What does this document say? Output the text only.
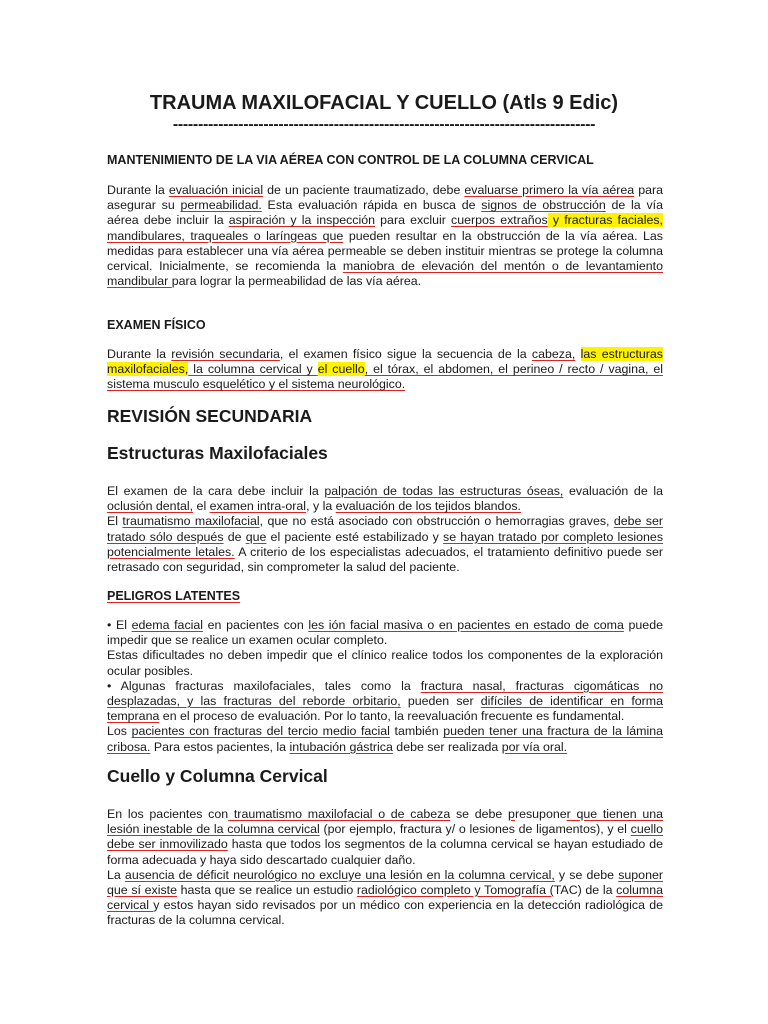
TRAUMA MAXILOFACIAL Y CUELLO (Atls 9 Edic)
------------------------------------------------------------------------------------
MANTENIMIENTO DE LA VIA AÉREA CON CONTROL DE LA COLUMNA CERVICAL

Durante la evaluación inicial de un paciente traumatizado, debe evaluarse primero la vía aérea para asegurar su permeabilidad. Esta evaluación rápida en busca de signos de obstrucción de la vía aérea debe incluir la aspiración y la inspección para excluir cuerpos extraños y fracturas faciales, mandibulares, traqueales o laríngeas que pueden resultar en la obstrucción de la vía aérea. Las medidas para establecer una vía aérea permeable se deben instituir mientras se protege la columna cervical. Inicialmente, se recomienda la maniobra de elevación del mentón o de levantamiento mandibular para lograr la permeabilidad de las vía aérea.

EXAMEN FÍSICO

Durante la revisión secundaria, el examen físico sigue la secuencia de la cabeza, las estructuras maxilofaciales, la columna cervical y el cuello, el tórax, el abdomen, el perineo / recto / vagina, el sistema musculo esquelético y el sistema neurológico.

REVISIÓN SECUNDARIA
Estructuras Maxilofaciales

El examen de la cara debe incluir la palpación de todas las estructuras óseas, evaluación de la oclusión dental, el examen intra-oral, y la evaluación de los tejidos blandos.

El traumatismo maxilofacial, que no está asociado con obstrucción o hemorragias graves, debe ser tratado sólo después de que el paciente esté estabilizado y se hayan tratado por completo lesiones potencialmente letales. A criterio de los especialistas adecuados, el tratamiento definitivo puede ser retrasado con seguridad, sin comprometer la salud del paciente.

PELIGROS LATENTES

• El edema facial en pacientes con les ión facial masiva o en pacientes en estado de coma puede impedir que se realice un examen ocular completo.

Estas dificultades no deben impedir que el clínico realice todos los componentes de la exploración ocular posibles.

• Algunas fracturas maxilofaciales, tales como la fractura nasal, fracturas cigomáticas no desplazadas, y las fracturas del reborde orbitario, pueden ser difíciles de identificar en forma temprana en el proceso de evaluación. Por lo tanto, la reevaluación frecuente es fundamental.

Los pacientes con fracturas del tercio medio facial también pueden tener una fractura de la lámina cribosa. Para estos pacientes, la intubación gástrica debe ser realizada por vía oral.

Cuello y Columna Cervical

En los pacientes con traumatismo maxilofacial o de cabeza se debe presuponer que tienen una lesión inestable de la columna cervical (por ejemplo, fractura y/ o lesiones de ligamentos), y el cuello debe ser inmovilizado hasta que todos los segmentos de la columna cervical se hayan estudiado de forma adecuada y haya sido descartado cualquier daño.
La ausencia de déficit neurológico no excluye una lesión en la columna cervical, y se debe suponer que sí existe hasta que se realice un estudio radiológico completo y Tomografía (TAC) de la columna cervical y estos hayan sido revisados por un médico con experiencia en la detección radiológica de fracturas de la columna cervical.
